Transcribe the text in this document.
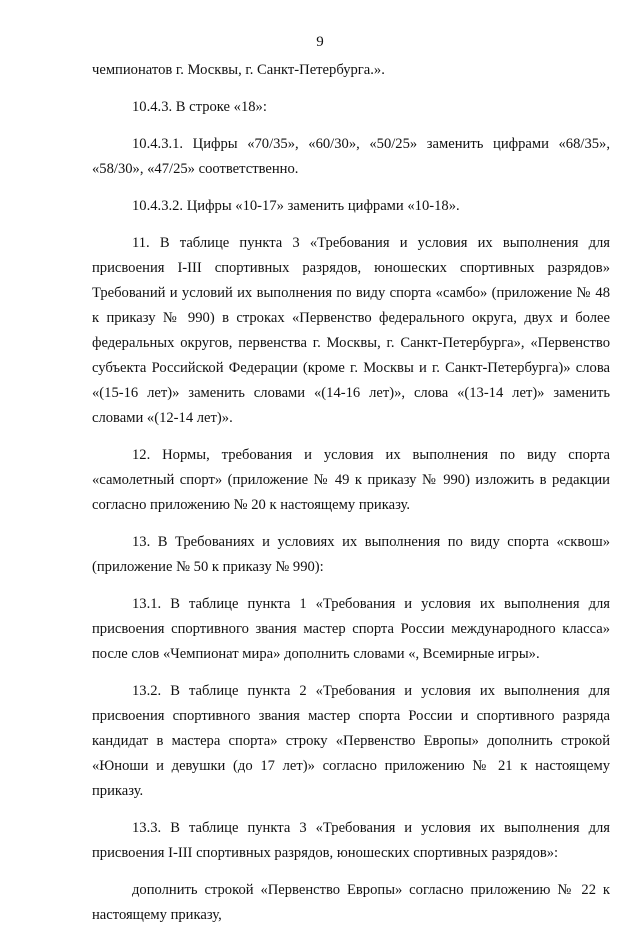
9

чемпионатов г. Москвы, г. Санкт-Петербурга.».

10.4.3. В строке «18»:

10.4.3.1. Цифры «70/35», «60/30», «50/25» заменить цифрами «68/35», «58/30», «47/25» соответственно.

10.4.3.2. Цифры «10-17» заменить цифрами «10-18».

11. В таблице пункта 3 «Требования и условия их выполнения для присвоения I-III спортивных разрядов, юношеских спортивных разрядов» Требований и условий их выполнения по виду спорта «самбо» (приложение № 48 к приказу № 990) в строках «Первенство федерального округа, двух и более федеральных округов, первенства г. Москвы, г. Санкт-Петербурга», «Первенство субъекта Российской Федерации (кроме г. Москвы и г. Санкт-Петербурга)» слова «(15-16 лет)» заменить словами «(14-16 лет)», слова «(13-14 лет)» заменить словами «(12-14 лет)».

12. Нормы, требования и условия их выполнения по виду спорта «самолетный спорт» (приложение № 49 к приказу № 990) изложить в редакции согласно приложению № 20 к настоящему приказу.

13. В Требованиях и условиях их выполнения по виду спорта «сквош» (приложение № 50 к приказу № 990):

13.1. В таблице пункта 1 «Требования и условия их выполнения для присвоения спортивного звания мастер спорта России международного класса» после слов «Чемпионат мира» дополнить словами «, Всемирные игры».

13.2. В таблице пункта 2 «Требования и условия их выполнения для присвоения спортивного звания мастер спорта России и спортивного разряда кандидат в мастера спорта» строку «Первенство Европы» дополнить строкой «Юноши и девушки (до 17 лет)» согласно приложению № 21 к настоящему приказу.

13.3. В таблице пункта 3 «Требования и условия их выполнения для присвоения I-III спортивных разрядов, юношеских спортивных разрядов»:

дополнить строкой «Первенство Европы» согласно приложению № 22 к настоящему приказу,
